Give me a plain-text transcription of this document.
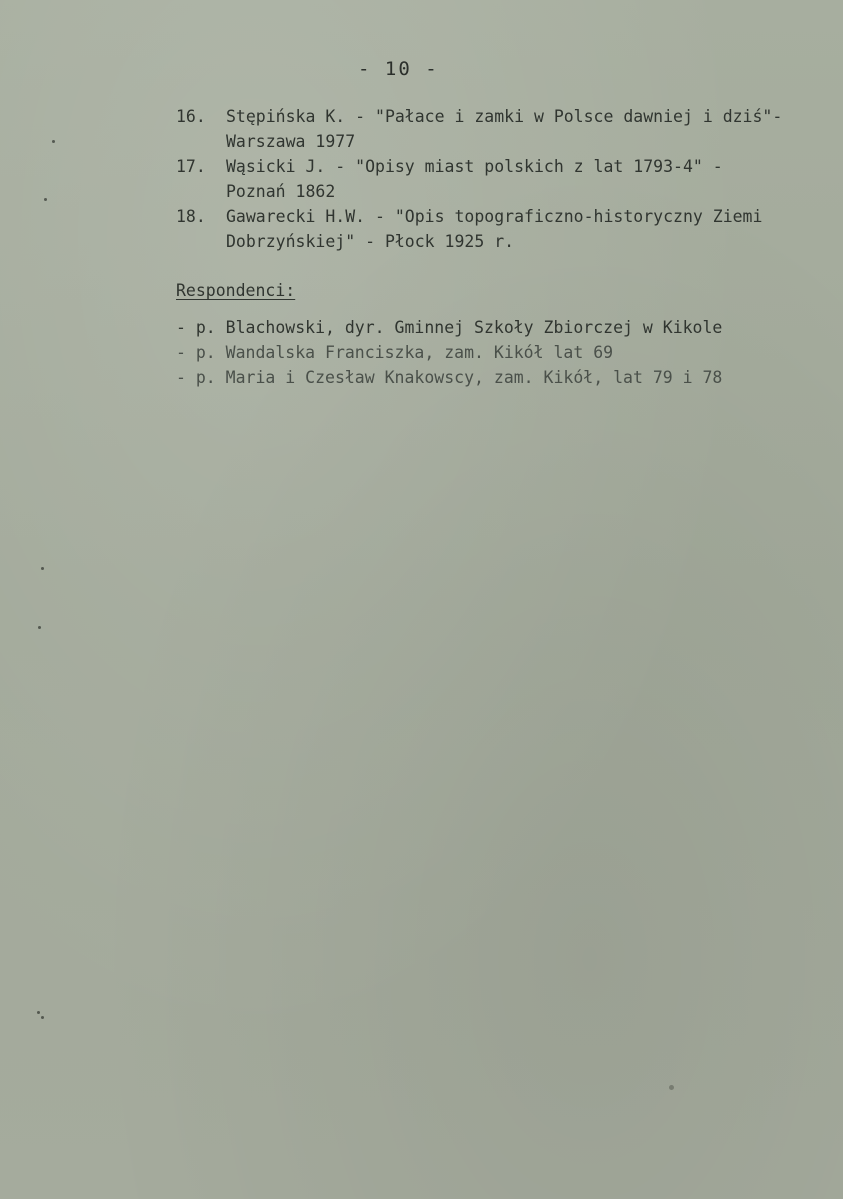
- 10 -
16.	Stępińska K. - "Pałace i zamki w Polsce dawniej i dziś"-
Warszawa 1977
17.	Wąsicki J. - "Opisy miast polskich z lat 1793-4" -
Poznań 1862
18.	Gawarecki H.W. - "Opis topograficzno-historyczny Ziemi
Dobrzyńskiej" - Płock 1925 r.
Respondenci:
- p. Blachowski, dyr. Gminnej Szkoły Zbiorczej w Kikole
- p. Wandalska Franciszka, zam. Kikół lat 69
- p. Maria i Czesław Knakowscy, zam. Kikół, lat 79 i 78
